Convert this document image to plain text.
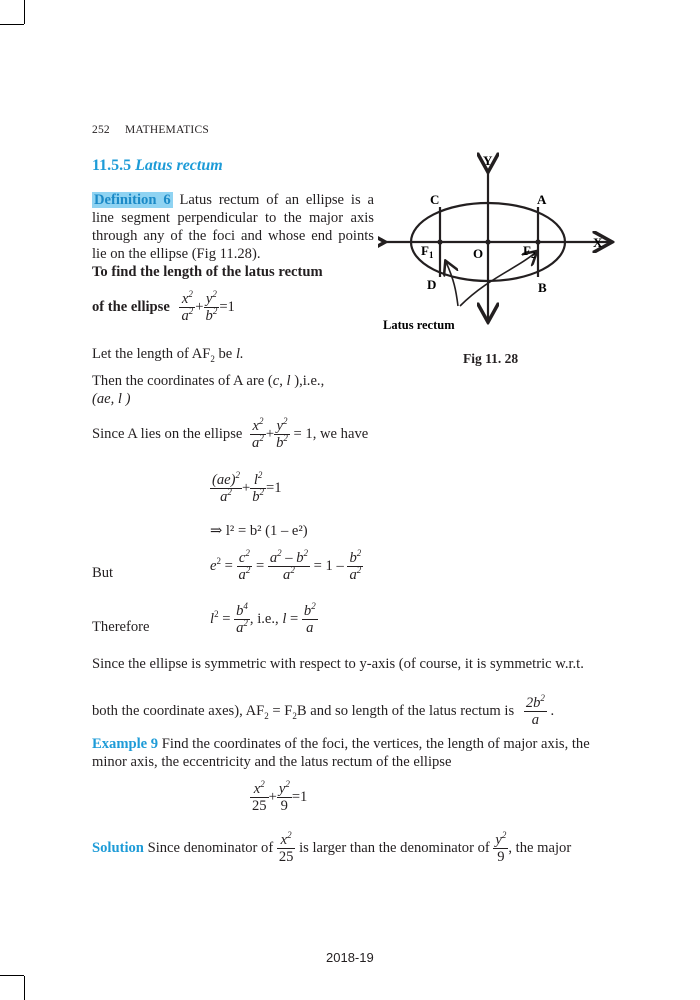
252 MATHEMATICS
11.5.5 Latus rectum
Definition 6 Latus rectum of an ellipse is a
line segment perpendicular to the major axis
through any of the foci and whose end points
lie on the ellipse (Fig 11.28).
To find the length of the latus rectum
of the ellipse $\frac{x^2}{a^2} + \frac{y^2}{b^2} =1$
Y
X
O
A
B
C
D
$F_1$	$F_2$
Latus rectum
Fig 11. 28
Let the length of $AF_2$ be l.
Then the coordinates of A are (c, l ),i.e.,
(ae, l )
Since A lies on the ellipse $\frac{x^2}{a^2} + \frac{y^2}{b^2} = 1$, we have
$\frac{(ae)^2}{a^2} + \frac{l^2}{b^2} =1$
⇒ l² = b² (1 – e²)
But	$e^2 = \frac{c^2}{a^2} = \frac{a^2 - b^2}{a^2} = 1 - \frac{b^2}{a^2}$
Therefore
$l^2 = \frac{b^4}{a^2}$ , i.e., $l = \frac{b^2}{a}$
Since the ellipse is symmetric with respect to y-axis (of course, it is symmetric w.r.t.
both the coordinate axes), $AF_2 = F_2B$ and so length of the latus rectum is $\frac{2b^2}{a}$ .
Example 9 Find the coordinates of the foci, the vertices, the length of major axis, the
minor axis, the eccentricity and the latus rectum of the ellipse
$\frac{x^2}{25} + \frac{y^2}{9} =1$
Solution Since denominator of $\frac{x^2}{25}$ is larger than the denominator of $\frac{y^2}{9}$ , the major
2018-19
